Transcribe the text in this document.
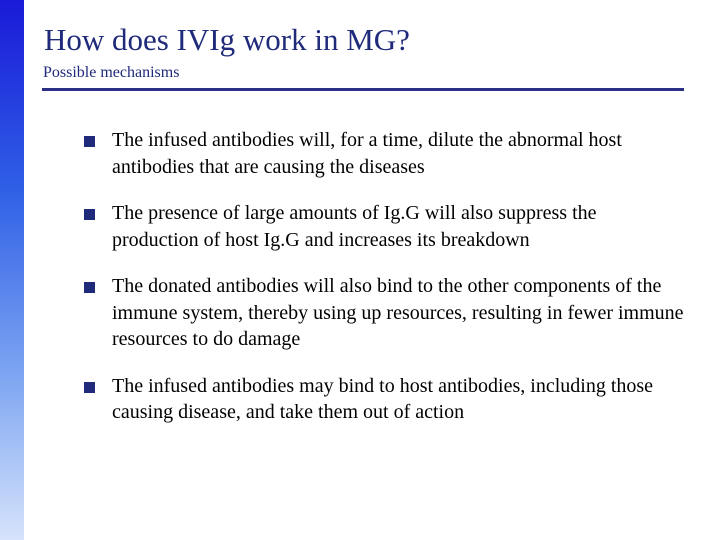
How does IVIg work in MG?
Possible mechanisms
The infused antibodies will, for a time, dilute the abnormal host antibodies that are causing the diseases
The presence of large amounts of Ig.G will also suppress the production of host Ig.G and increases its breakdown
The donated antibodies will also bind to the other components of the immune system, thereby using up resources, resulting in fewer immune resources to do damage
The infused antibodies may bind to host antibodies, including those causing disease, and take them out of action
